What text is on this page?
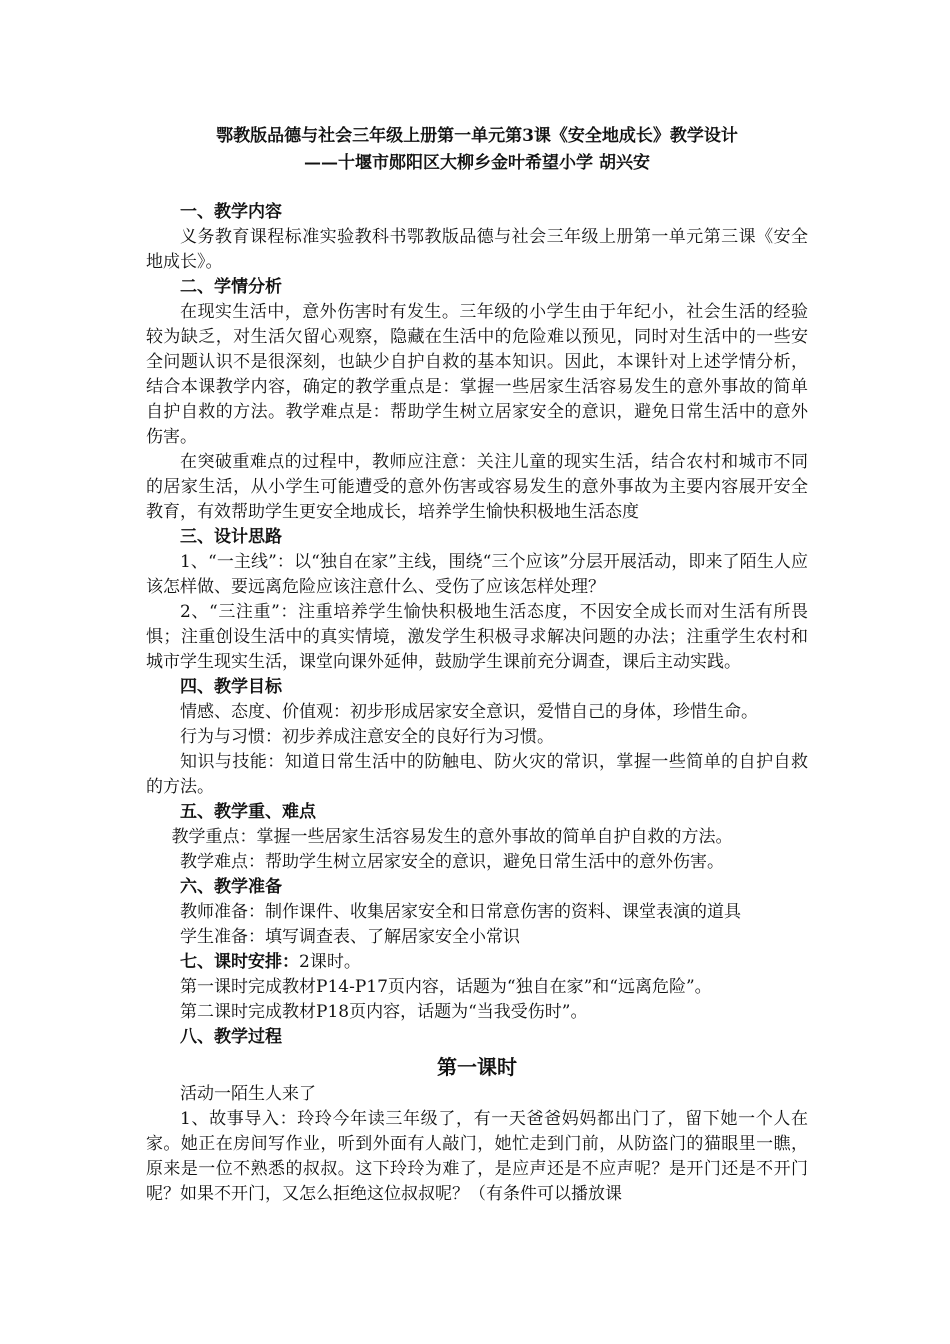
鄂教版品德与社会三年级上册第一单元第3课《安全地成长》教学设计

——十堰市郧阳区大柳乡金叶希望小学 胡兴安

一、教学内容

义务教育课程标准实验教科书鄂教版品德与社会三年级上册第一单元第三课《安全地成长》。

二、学情分析

在现实生活中，意外伤害时有发生。三年级的小学生由于年纪小，社会生活的经验较为缺乏，对生活欠留心观察，隐藏在生活中的危险难以预见，同时对生活中的一些安全问题认识不是很深刻，也缺少自护自救的基本知识。因此，本课针对上述学情分析，结合本课教学内容，确定的教学重点是：掌握一些居家生活容易发生的意外事故的简单自护自救的方法。教学难点是：帮助学生树立居家安全的意识，避免日常生活中的意外伤害。

在突破重难点的过程中，教师应注意：关注儿童的现实生活，结合农村和城市不同的居家生活，从小学生可能遭受的意外伤害或容易发生的意外事故为主要内容展开安全教育，有效帮助学生更安全地成长，培养学生愉快积极地生活态度

三、设计思路

1、“一主线”：以“独自在家”主线，围绕“三个应该”分层开展活动，即来了陌生人应该怎样做、要远离危险应该注意什么、受伤了应该怎样处理？

2、“三注重”：注重培养学生愉快积极地生活态度，不因安全成长而对生活有所畏惧；注重创设生活中的真实情境，激发学生积极寻求解决问题的办法；注重学生农村和城市学生现实生活，课堂向课外延伸，鼓励学生课前充分调查，课后主动实践。

四、教学目标

情感、态度、价值观：初步形成居家安全意识，爱惜自己的身体，珍惜生命。

行为与习惯：初步养成注意安全的良好行为习惯。

知识与技能：知道日常生活中的防触电、防火灾的常识，掌握一些简单的自护自救的方法。

五、教学重、难点

教学重点：掌握一些居家生活容易发生的意外事故的简单自护自救的方法。

教学难点：帮助学生树立居家安全的意识，避免日常生活中的意外伤害。

六、教学准备

教师准备：制作课件、收集居家安全和日常意伤害的资料、课堂表演的道具

学生准备：填写调查表、了解居家安全小常识

七、课时安排：2课时。

第一课时完成教材P14-P17页内容，话题为“独自在家”和“远离危险”。

第二课时完成教材P18页内容，话题为“当我受伤时”。

八、教学过程

第一课时

活动一陌生人来了

1、故事导入：玲玲今年读三年级了，有一天爸爸妈妈都出门了，留下她一个人在家。她正在房间写作业，听到外面有人敲门，她忙走到门前，从防盗门的猫眼里一瞧，原来是一位不熟悉的叔叔。这下玲玲为难了，是应声还是不应声呢？是开门还是不开门呢？如果不开门，又怎么拒绝这位叔叔呢？（有条件可以播放课
